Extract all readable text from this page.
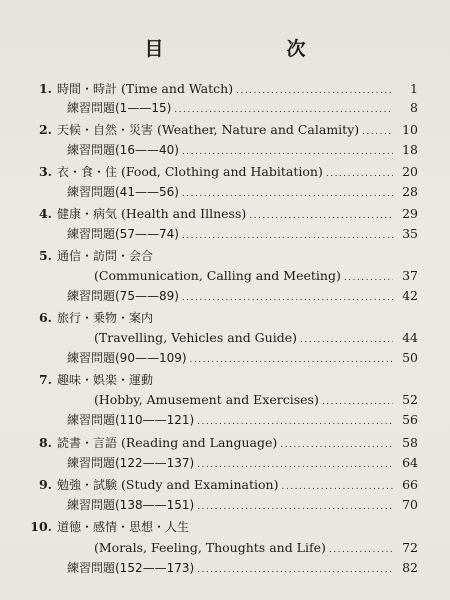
目　次
1. 時間・時計 (Time and Watch) .....	1
練習問題(1——15) .....	8
2. 天候・自然・災害 (Weather, Nature and Calamity) .....	10
練習問題(16——40) .....	18
3. 衣・食・住 (Food, Clothing and Habitation) .....	20
練習問題(41——56) .....	28
4. 健康・病気 (Health and Illness) .....	29
練習問題(57——74) .....	35
5. 通信・訪問・会合
(Communication, Calling and Meeting) .....	37
練習問題(75——89) .....	42
6. 旅行・乗物・案内
(Travelling, Vehicles and Guide) .....	44
練習問題(90——109) .....	50
7. 趣味・娯楽・運動
(Hobby, Amusement and Exercises) .....	52
練習問題(110——121) .....	56
8. 読書・言語 (Reading and Language) .....	58
練習問題(122——137) .....	64
9. 勉強・試験 (Study and Examination) .....	66
練習問題(138——151) .....	70
10. 道徳・感情・思想・人生
(Morals, Feeling, Thoughts and Life) .....	72
練習問題(152——173) .....	82
